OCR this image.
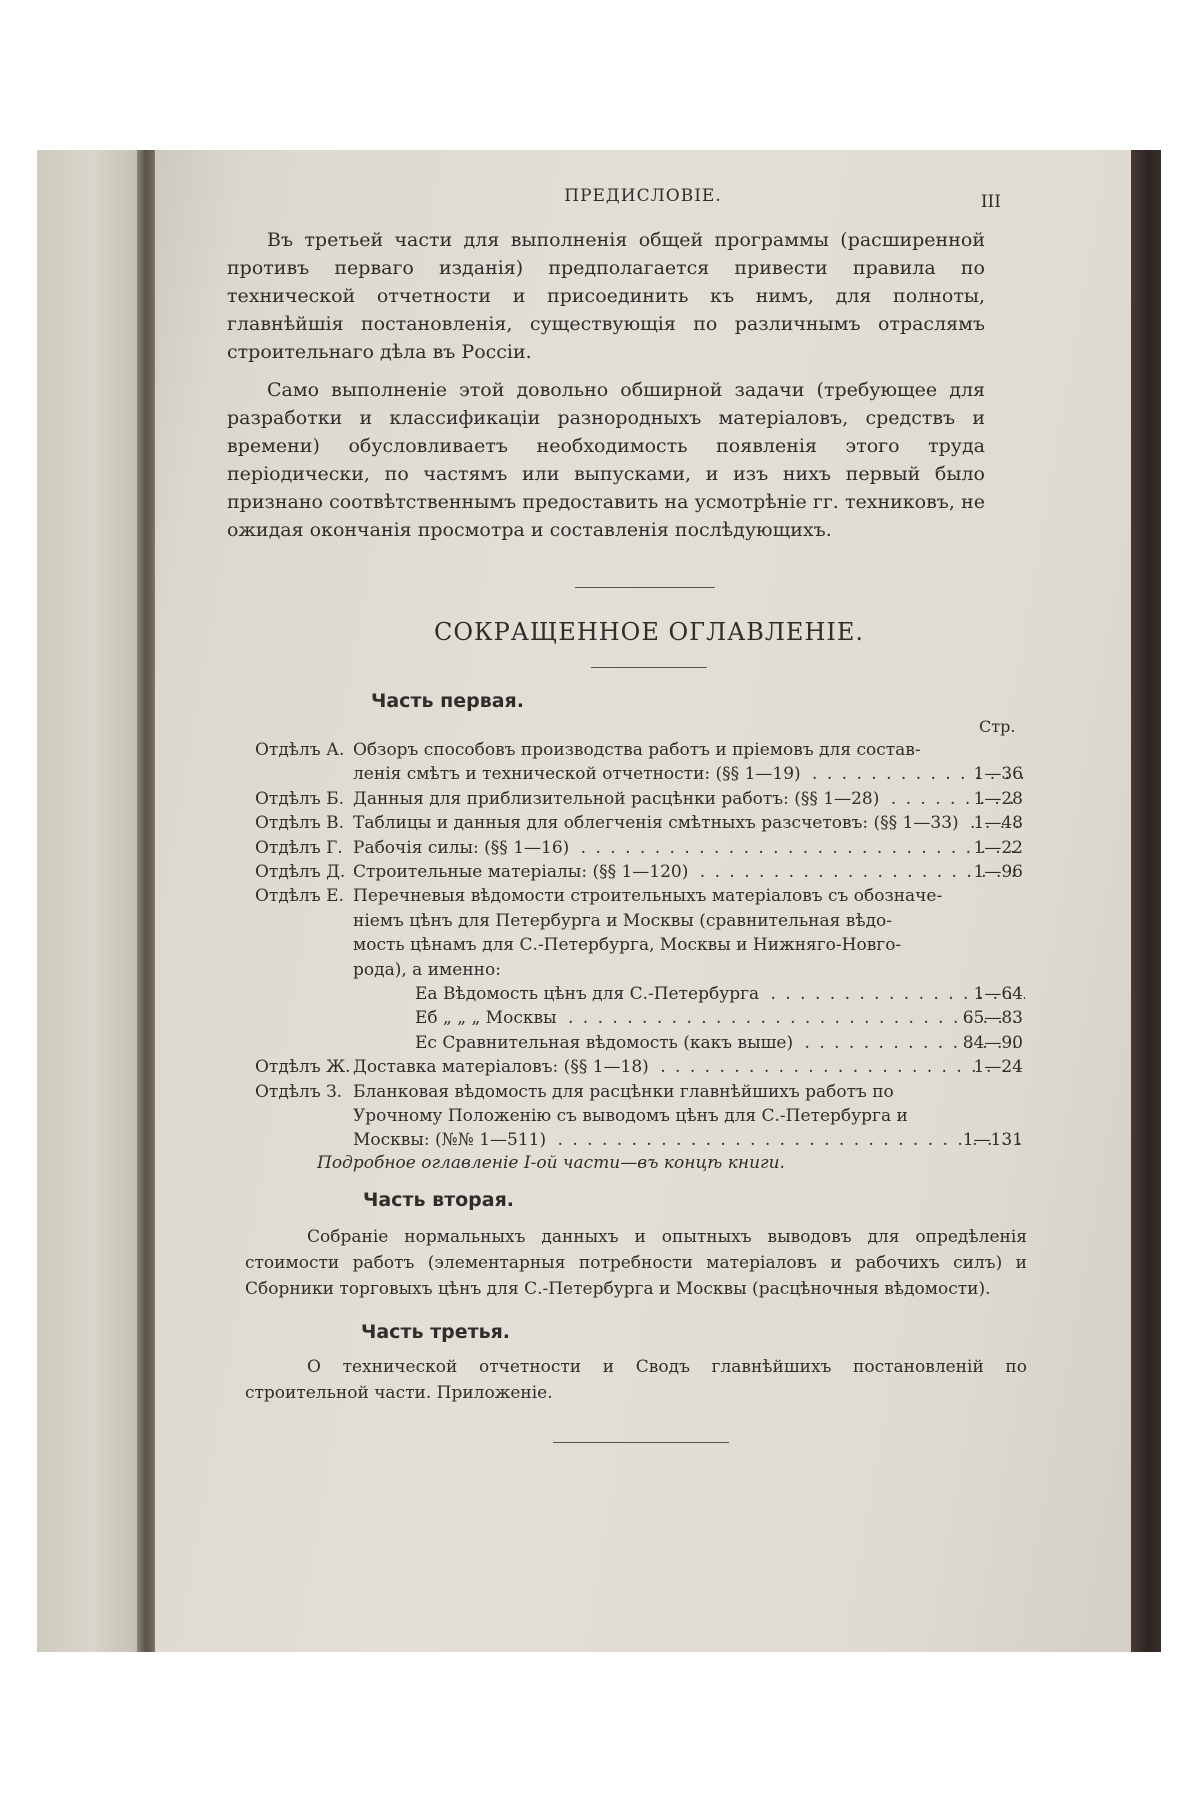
ПРЕДИСЛОВІЕ.	III
Въ третьей части для выполненія общей программы (расширенной противъ перваго изданія) предполагается привести правила по технической отчетности и присоединить къ нимъ, для полноты, главнѣйшія постановленія, существующія по различнымъ отраслямъ строительнаго дѣла въ Россіи.
Само выполненіе этой довольно обширной задачи (требующее для разработки и классификаціи разнородныхъ матеріаловъ, средствъ и времени) обусловливаетъ необходимость появленія этого труда періодически, по частямъ или выпусками, и изъ нихъ первый было признано соотвѣтственнымъ предоставить на усмотрѣніе гг. техниковъ, не ожидая окончанія просмотра и составленія послѣдующихъ.
СОКРАЩЕННОЕ ОГЛАВЛЕНІЕ.
Часть первая.
Стр.
Отдѣлъ А. Обзоръ способовъ производства работъ и пріемовъ для состав-
ленія смѣтъ и технической отчетности: (§§ 1—19) . . .	1—36
Отдѣлъ Б. Данныя для приблизительной расцѣнки работъ: (§§ 1—28) . . .	1—28
Отдѣлъ В. Таблицы и данныя для облегченія смѣтныхъ разсчетовъ: (§§ 1—33) . . . 1—48
Отдѣлъ Г. Рабочія силы: (§§ 1—16) . . .	1—22
Отдѣлъ Д. Строительные матеріалы: (§§ 1—120) . . .	1—96
Отдѣлъ Е. Перечневыя вѣдомости строительныхъ матеріаловъ съ обозначе-
ніемъ цѣнъ для Петербурга и Москвы (сравнительная вѣдо-
мость цѣнамъ для С.-Петербурга, Москвы и Нижняго-Новго-
рода), а именно:
Еа Вѣдомость цѣнъ для С.-Петербурга . . .	1—64
Еб „ „ „ Москвы . . .	65—83
Ес Сравнительная вѣдомость (какъ выше) . . .	84—90
Отдѣлъ Ж. Доставка матеріаловъ: (§§ 1—18) . . .	1—24
Отдѣлъ З. Бланковая вѣдомость для расцѣнки главнѣйшихъ работъ по
Урочному Положенію съ выводомъ цѣнъ для С.-Петербурга и
Москвы: (№№ 1—511) . . .	1—131
Подробное оглавленіе I-ой части—въ концѣ книги.
Часть вторая.
Собраніе нормальныхъ данныхъ и опытныхъ выводовъ для опредѣленія стоимости работъ (элементарныя потребности матеріаловъ и рабочихъ силъ) и Сборники торговыхъ цѣнъ для С.-Петербурга и Москвы (расцѣночныя вѣдомости).
Часть третья.
О технической отчетности и Сводъ главнѣйшихъ постановленій по строительной части. Приложеніе.
